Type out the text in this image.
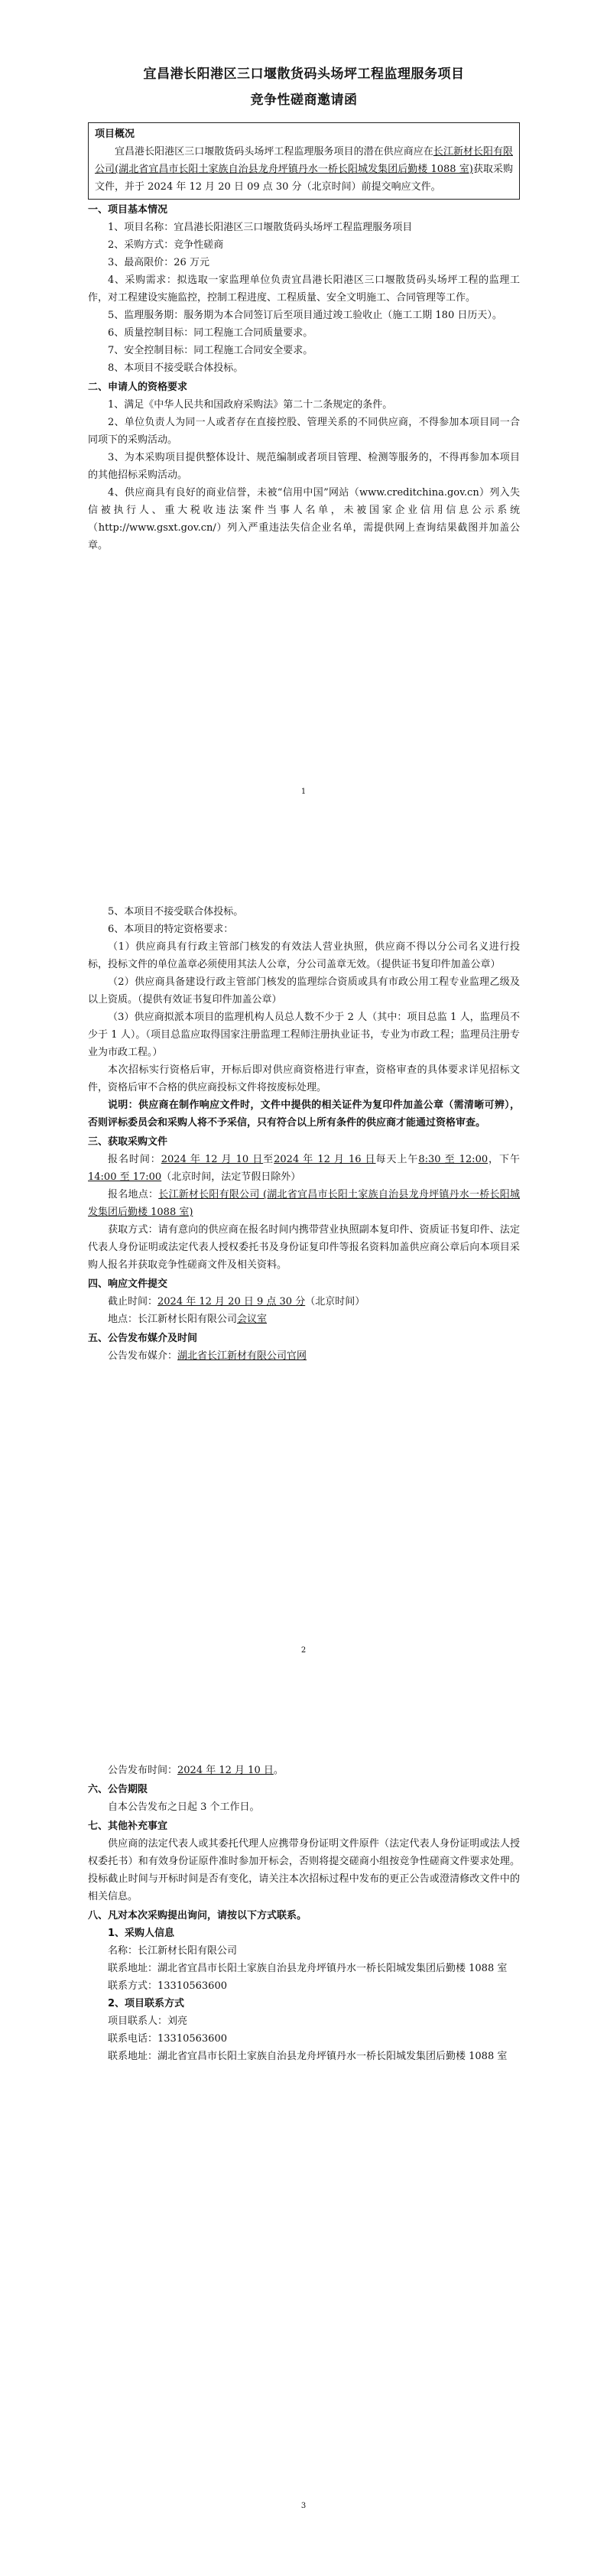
宜昌港长阳港区三口堰散货码头场坪工程监理服务项目
竞争性磋商邀请函
项目概况

宜昌港长阳港区三口堰散货码头场坪工程监理服务项目的潜在供应商应在长江新材长阳有限公司(湖北省宜昌市长阳土家族自治县龙舟坪镇丹水一桥长阳城发集团后勤楼 1088 室)获取采购文件，并于 2024 年 12 月 20 日 09 点 30 分（北京时间）前提交响应文件。

一、项目基本情况

1、项目名称：宜昌港长阳港区三口堰散货码头场坪工程监理服务项目

2、采购方式：竞争性磋商

3、最高限价：26 万元

4、采购需求：拟选取一家监理单位负责宜昌港长阳港区三口堰散货码头场坪工程的监理工作，对工程建设实施监控，控制工程进度、工程质量、安全文明施工、合同管理等工作。

5、监理服务期：服务期为本合同签订后至项目通过竣工验收止（施工工期 180 日历天）。

6、质量控制目标：同工程施工合同质量要求。

7、安全控制目标：同工程施工合同安全要求。

8、本项目不接受联合体投标。

二、申请人的资格要求

1、满足《中华人民共和国政府采购法》第二十二条规定的条件。

2、单位负责人为同一人或者存在直接控股、管理关系的不同供应商，不得参加本项目同一合同项下的采购活动。

3、为本采购项目提供整体设计、规范编制或者项目管理、检测等服务的，不得再参加本项目的其他招标采购活动。

4、供应商具有良好的商业信誉，未被“信用中国”网站（www.creditchina.gov.cn）列入失信被执行人、重大税收违法案件当事人名单，未被国家企业信用信息公示系统（http://www.gsxt.gov.cn/）列入严重违法失信企业名单，需提供网上查询结果截图并加盖公章。

1

5、本项目不接受联合体投标。

6、本项目的特定资格要求：

（1）供应商具有行政主管部门核发的有效法人营业执照，供应商不得以分公司名义进行投标，投标文件的单位盖章必须使用其法人公章，分公司盖章无效。（提供证书复印件加盖公章）

（2）供应商具备建设行政主管部门核发的监理综合资质或具有市政公用工程专业监理乙级及以上资质。（提供有效证书复印件加盖公章）

（3）供应商拟派本项目的监理机构人员总人数不少于 2 人（其中：项目总监 1 人，监理员不少于 1 人）。（项目总监应取得国家注册监理工程师注册执业证书，专业为市政工程；监理员注册专业为市政工程。）

本次招标实行资格后审，开标后即对供应商资格进行审查，资格审查的具体要求详见招标文件，资格后审不合格的供应商投标文件将按废标处理。

说明：供应商在制作响应文件时，文件中提供的相关证件为复印件加盖公章（需清晰可辨），否则评标委员会和采购人将不予采信，只有符合以上所有条件的供应商才能通过资格审查。

三、获取采购文件

报名时间：2024 年 12 月 10 日至2024 年 12 月 16 日每天上午8:30 至 12:00，下午14:00 至 17:00（北京时间，法定节假日除外）

报名地点：长江新材长阳有限公司 (湖北省宜昌市长阳土家族自治县龙舟坪镇丹水一桥长阳城发集团后勤楼 1088 室)

获取方式：请有意向的供应商在报名时间内携带营业执照副本复印件、资质证书复印件、法定代表人身份证明或法定代表人授权委托书及身份证复印件等报名资料加盖供应商公章后向本项目采购人报名并获取竞争性磋商文件及相关资料。

四、响应文件提交

截止时间：2024 年 12 月 20 日 9 点 30 分（北京时间）

地点：长江新材长阳有限公司会议室

五、公告发布媒介及时间

公告发布媒介：湖北省长江新材有限公司官网

2

公告发布时间：2024 年 12 月 10 日。

六、公告期限

自本公告发布之日起 3 个工作日。

七、其他补充事宜

供应商的法定代表人或其委托代理人应携带身份证明文件原件（法定代表人身份证明或法人授权委托书）和有效身份证原件准时参加开标会，否则将提交磋商小组按竞争性磋商文件要求处理。投标截止时间与开标时间是否有变化，请关注本次招标过程中发布的更正公告或澄清修改文件中的相关信息。

八、凡对本次采购提出询问，请按以下方式联系。
1、采购人信息

名称：长江新材长阳有限公司

联系地址：湖北省宜昌市长阳土家族自治县龙舟坪镇丹水一桥长阳城发集团后勤楼 1088 室

联系方式：13310563600

2、项目联系方式

项目联系人：刘亮

联系电话：13310563600

联系地址：湖北省宜昌市长阳土家族自治县龙舟坪镇丹水一桥长阳城发集团后勤楼 1088 室

3
